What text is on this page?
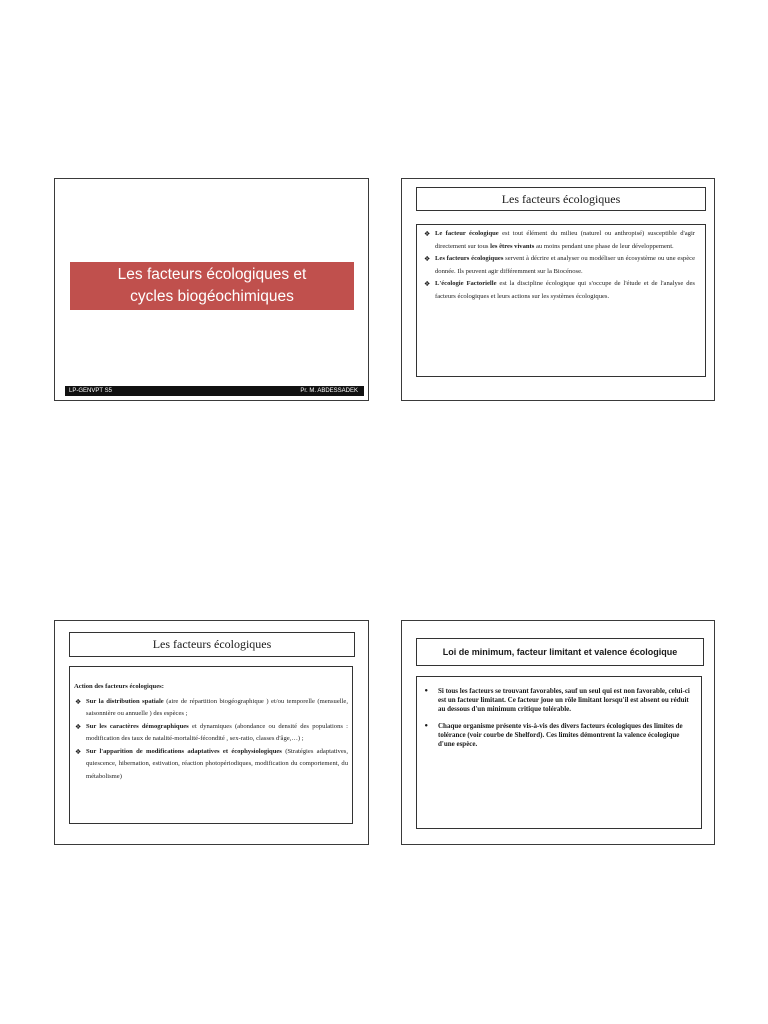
Les facteurs écologiques et
cycles biogéochimiques
LP-GENVPT S5	Pr. M. ABDESSADEK
Les facteurs écologiques

❖ Le facteur écologique est tout élément du milieu (naturel ou anthropisé) susceptible d'agir directement sur tous les êtres vivants au moins pendant une phase de leur développement.

❖ Les facteurs écologiques servent à décrire et analyser ou modéliser un écosystème ou une espèce donnée. Ils peuvent agir différemment sur la Biocénose.

❖ L'écologie Factorielle est la discipline écologique qui s'occupe de l'étude et de l'analyse des facteurs écologiques et leurs actions sur les systèmes écologiques.

Les facteurs écologiques

Action des facteurs écologiques:

❖ Sur la distribution spatiale (aire de répartition biogéographique ) et/ou temporelle (mensuelle, saisonnière ou annuelle ) des espèces ;

❖ Sur les caractères démographiques et dynamiques (abondance ou densité des populations : modification des taux de natalité-mortalité-fécondité , sex-ratio, classes d'âge,…) ;

❖ Sur l'apparition de modifications adaptatives et écophysiologiques (Stratégies adaptatives, quiescence, hibernation, estivation, réaction photopériodiques, modification du comportement, du métabolisme)

Loi de minimum, facteur limitant et valence écologique

• Si tous les facteurs se trouvant favorables, sauf un seul qui est non favorable, celui-ci est un facteur limitant. Ce facteur joue un rôle limitant lorsqu'il est absent ou réduit au dessous d'un minimum critique tolérable.

• Chaque organisme présente vis-à-vis des divers facteurs écologiques des limites de tolérance (voir courbe de Shelford). Ces limites démontrent la valence écologique d'une espèce.
